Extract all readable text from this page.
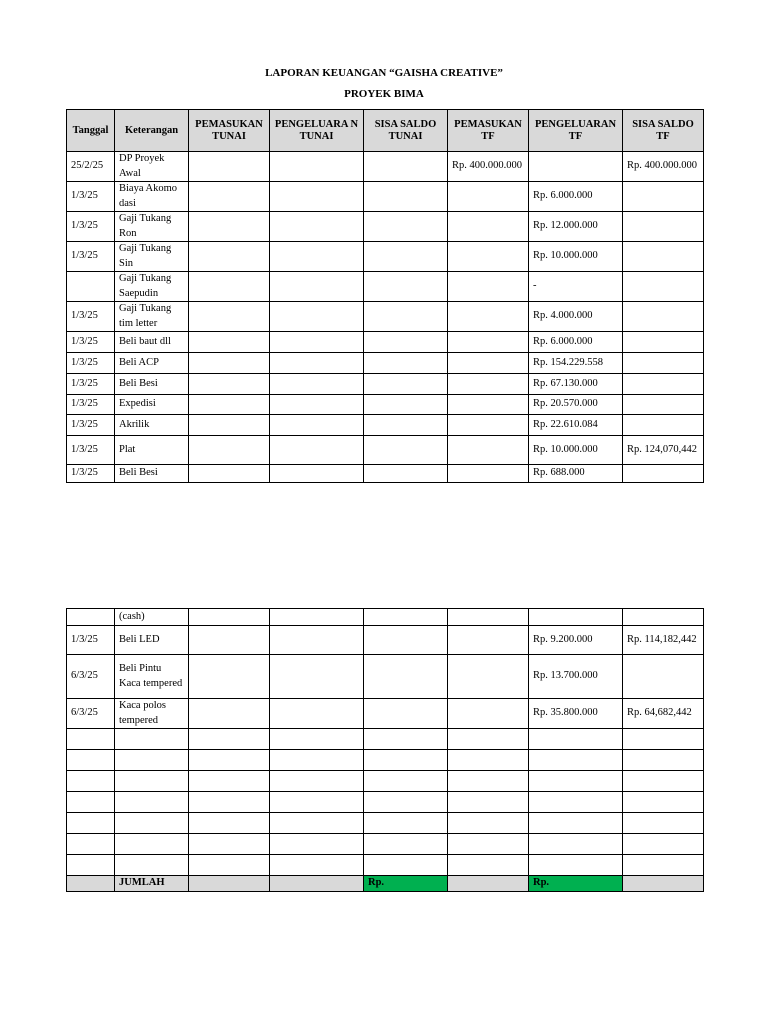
LAPORAN KEUANGAN “GAISHA CREATIVE”
PROYEK BIMA
Tanggal	Keterangan	PEMASUKAN TUNAI	PENGELUARA N TUNAI	SISA SALDO TUNAI	PEMASUKAN TF	PENGELUARAN TF	SISA SALDO TF
25/2/25	DP Proyek Awal				Rp. 400.000.000		Rp. 400.000.000
1/3/25	Biaya Akomo dasi					Rp. 6.000.000	
1/3/25	Gaji Tukang Ron					Rp. 12.000.000	
1/3/25	Gaji Tukang Sin					Rp. 10.000.000	
	Gaji Tukang Saepudin					-	
1/3/25	Gaji Tukang tim letter					Rp. 4.000.000	
1/3/25	Beli baut dll					Rp. 6.000.000	
1/3/25	Beli ACP					Rp. 154.229.558	
1/3/25	Beli Besi					Rp. 67.130.000	
1/3/25	Expedisi					Rp. 20.570.000	
1/3/25	Akrilik					Rp. 22.610.084	
1/3/25	Plat					Rp. 10.000.000	Rp. 124,070,442
1/3/25	Beli Besi					Rp. 688.000	
	(cash)						
1/3/25	Beli LED					Rp. 9.200.000	Rp. 114,182,442
6/3/25	Beli Pintu Kaca tempered					Rp. 13.700.000	
6/3/25	Kaca polos tempered					Rp. 35.800.000	Rp. 64,682,442

	JUMLAH			Rp.		Rp.	
